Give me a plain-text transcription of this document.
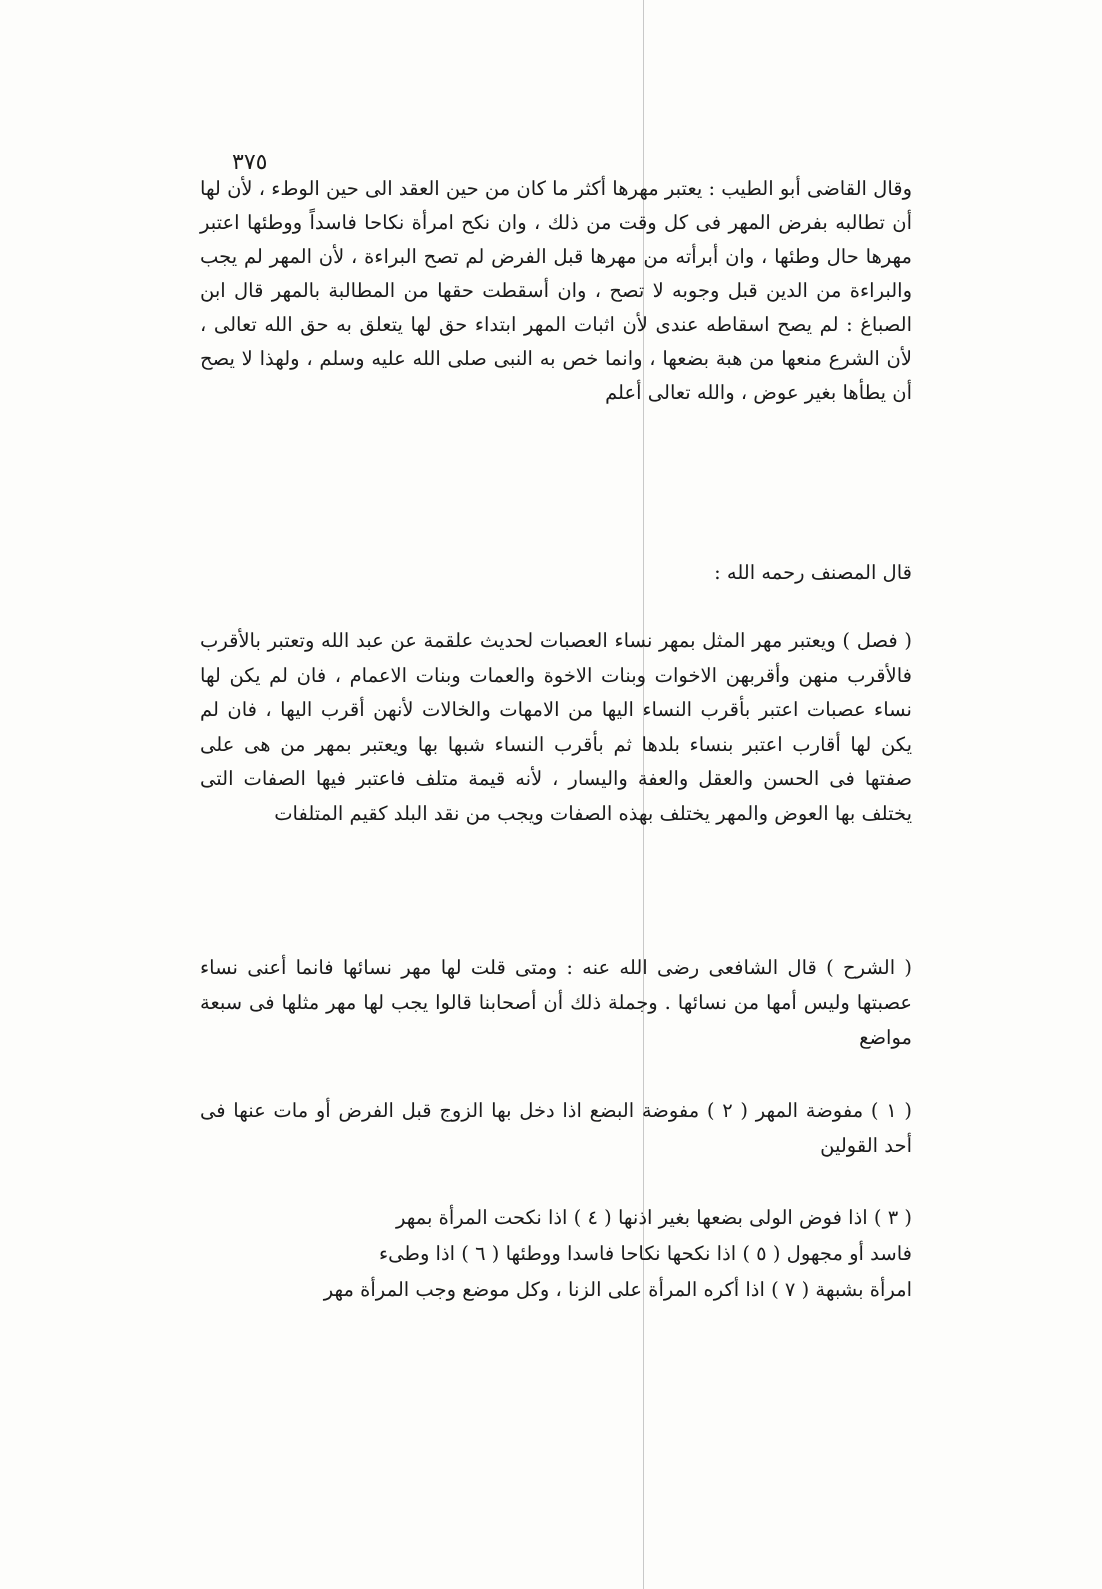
٣٧٥

وقال القاضى أبو الطيب : يعتبر مهرها أكثر ما كان من حين العقد الى حين الوطء ، لأن لها أن تطالبه بفرض المهر فى كل وقت من ذلك ، وان نكح امرأة نكاحا فاسداً ووطئها اعتبر مهرها حال وطئها ، وان أبرأته من مهرها قبل الفرض لم تصح البراءة ، لأن المهر لم يجب والبراءة من الدين قبل وجوبه لا تصح ، وان أسقطت حقها من المطالبة بالمهر قال ابن الصباغ : لم يصح اسقاطه عندى لأن اثبات المهر ابتداء حق لها يتعلق به حق الله تعالى ، لأن الشرع منعها من هبة بضعها ، وانما خص به النبى صلى الله عليه وسلم ، ولهذا لا يصح أن يطأها بغير عوض ، والله تعالى أعلم

قال المصنف رحمه الله :

( فصل ) ويعتبر مهر المثل بمهر نساء العصبات لحديث علقمة عن عبد الله وتعتبر بالأقرب فالأقرب منهن وأقربهن الاخوات وبنات الاخوة والعمات وبنات الاعمام ، فان لم يكن لها نساء عصبات اعتبر بأقرب النساء اليها من الامهات والخالات لأنهن أقرب اليها ، فان لم يكن لها أقارب اعتبر بنساء بلدها ثم بأقرب النساء شبها بها ويعتبر بمهر من هى على صفتها فى الحسن والعقل والعفة واليسار ، لأنه قيمة متلف فاعتبر فيها الصفات التى يختلف بها العوض والمهر يختلف بهذه الصفات ويجب من نقد البلد كقيم المتلفات

( الشرح ) قال الشافعى رضى الله عنه : ومتى قلت لها مهر نسائها فانما أعنى نساء عصبتها وليس أمها من نسائها . وجملة ذلك أن أصحابنا قالوا يجب لها مهر مثلها فى سبعة مواضع

( ١ ) مفوضة المهر ( ٢ ) مفوضة البضع اذا دخل بها الزوج قبل الفرض أو مات عنها فى أحد القولين

( ٣ ) اذا فوض الولى بضعها بغير اذنها ( ٤ ) اذا نكحت المرأة بمهر
فاسد أو مجهول ( ٥ ) اذا نكحها نكاحا فاسدا ووطئها ( ٦ ) اذا وطىء
امرأة بشبهة ( ٧ ) اذا أكره المرأة على الزنا ، وكل موضع وجب المرأة مهر
